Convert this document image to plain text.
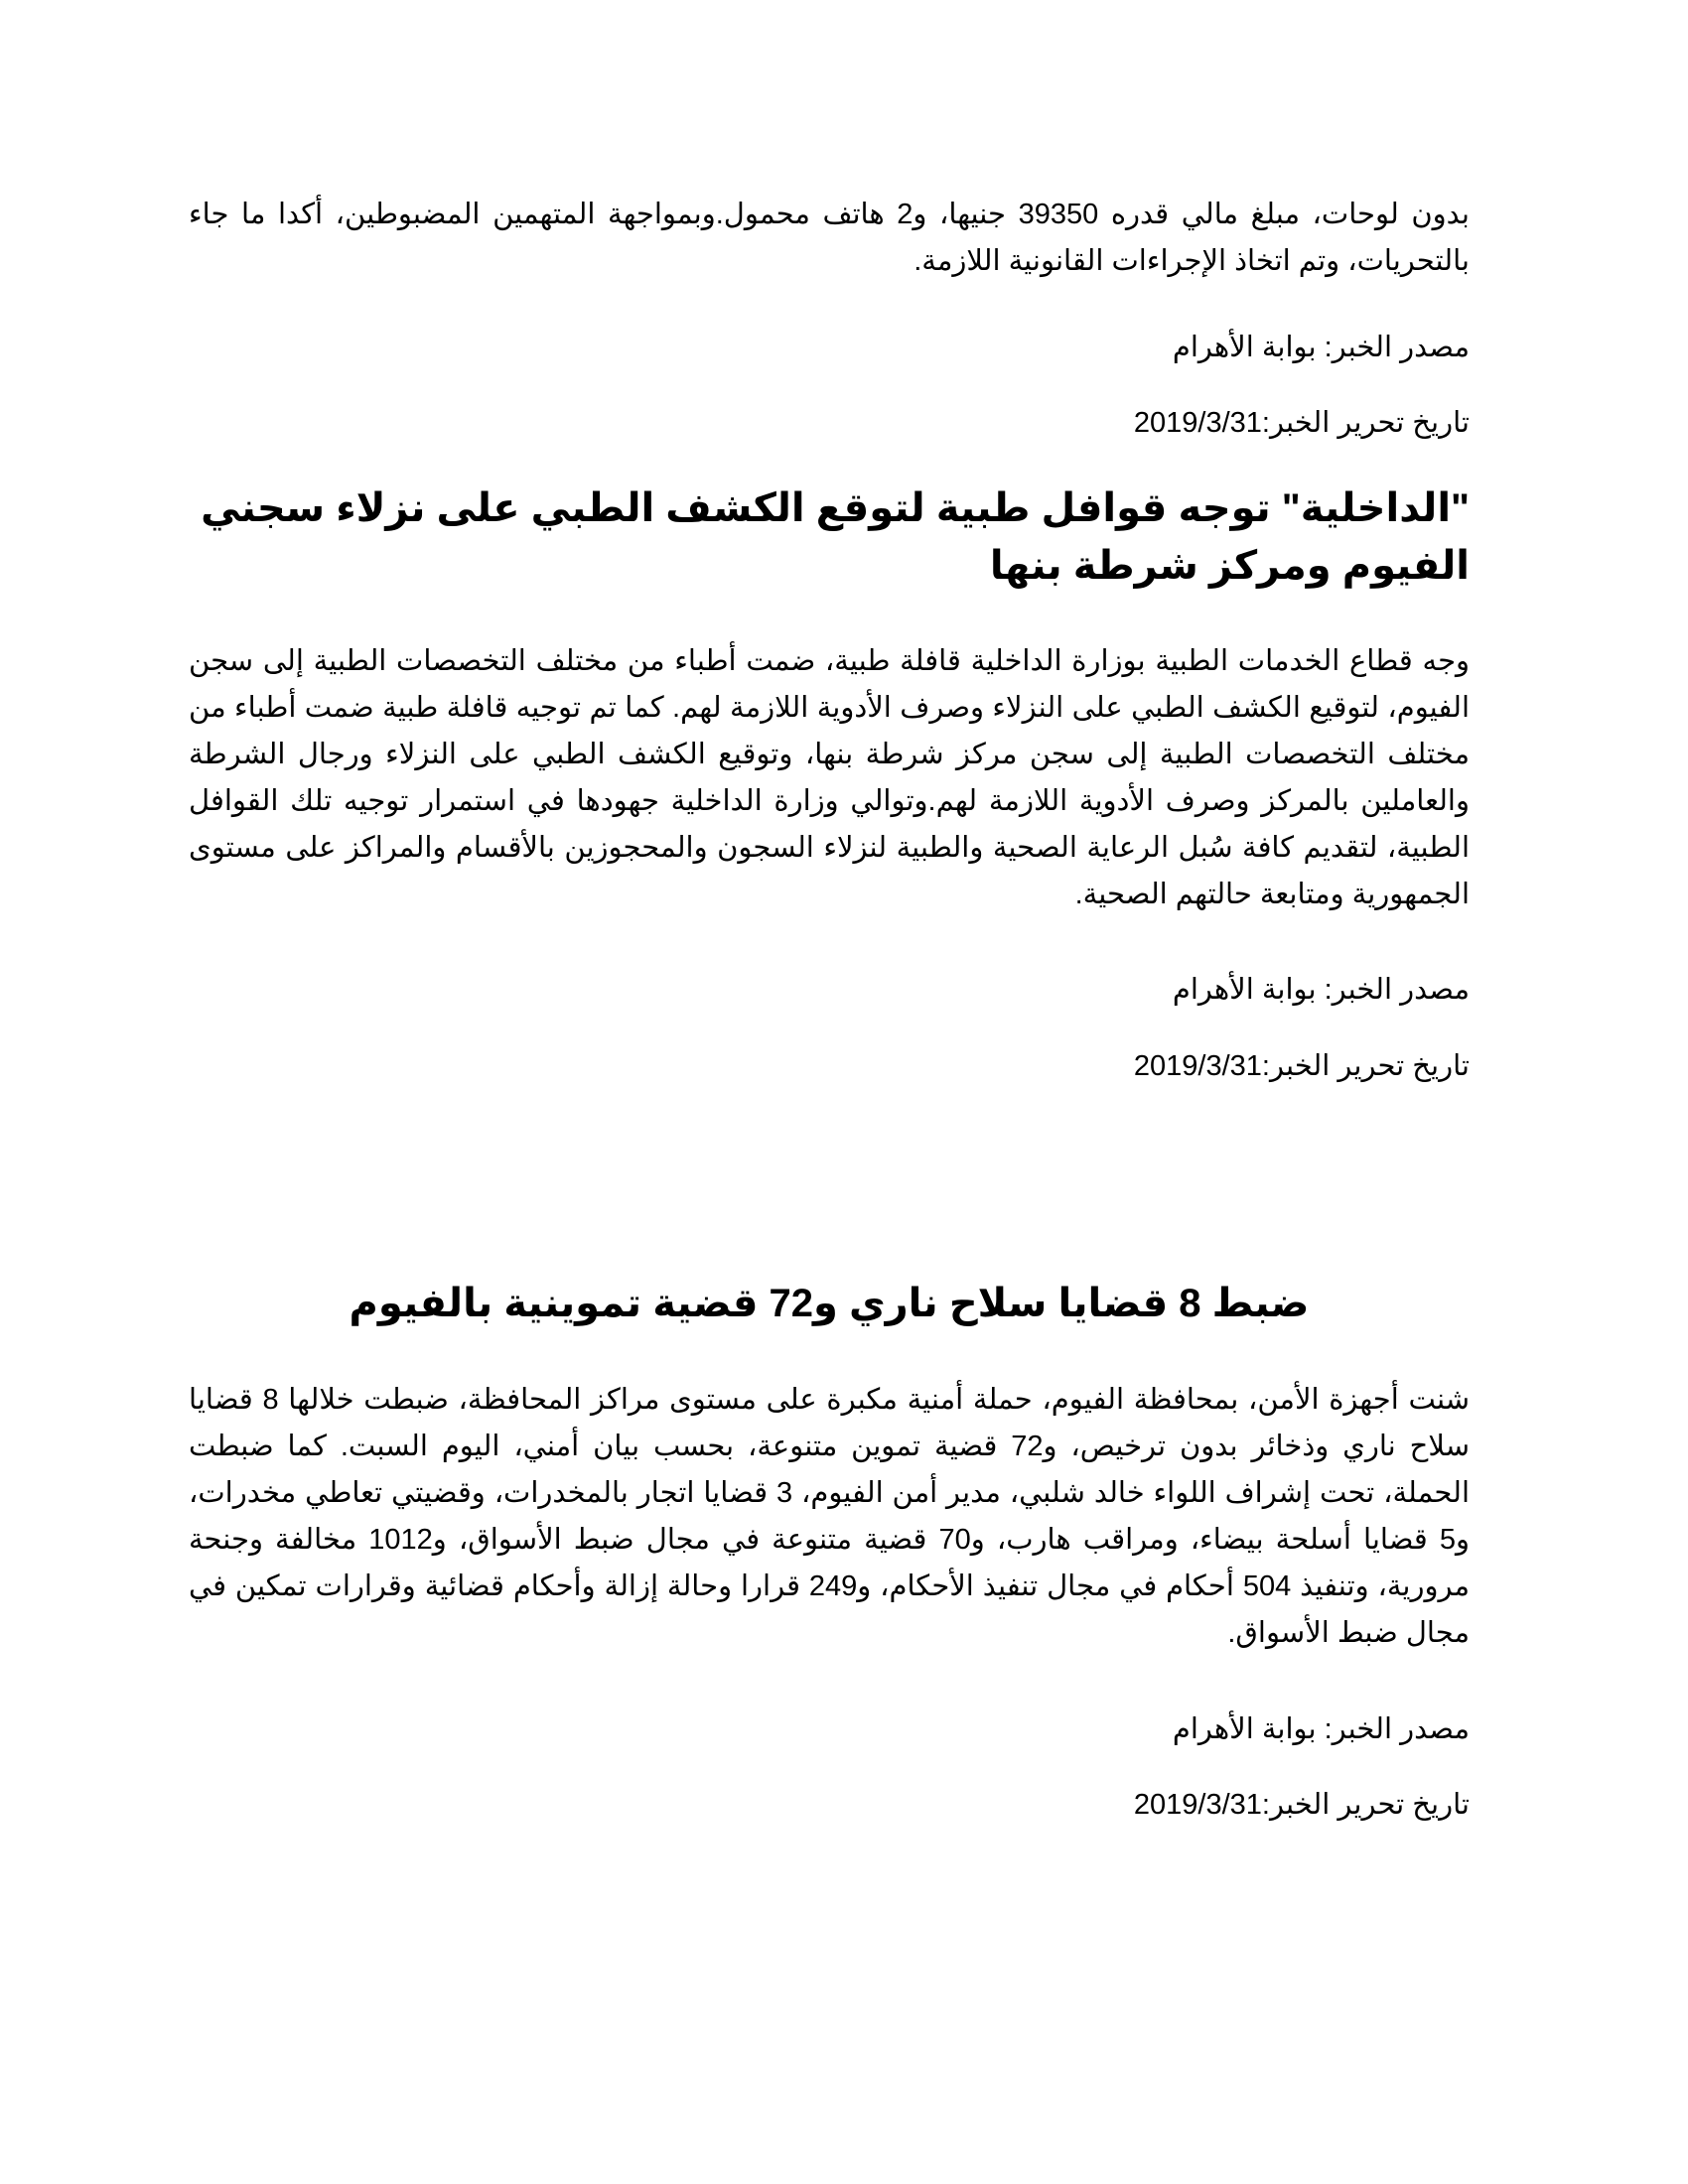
بدون لوحات، مبلغ مالي قدره 39350 جنيها، و2 هاتف محمول.وبمواجهة المتهمين المضبوطين، أكدا ما جاء بالتحريات، وتم اتخاذ الإجراءات القانونية اللازمة.

مصدر الخبر: بوابة الأهرام

تاريخ تحرير الخبر:2019/3/31

"الداخلية" توجه قوافل طبية لتوقع الكشف الطبي على نزلاء سجني الفيوم ومركز شرطة بنها

وجه قطاع الخدمات الطبية بوزارة الداخلية قافلة طبية، ضمت أطباء من مختلف التخصصات الطبية إلى سجن الفيوم، لتوقيع الكشف الطبي على النزلاء وصرف الأدوية اللازمة لهم. كما تم توجيه قافلة طبية ضمت أطباء من مختلف التخصصات الطبية إلى سجن مركز شرطة بنها، وتوقيع الكشف الطبي على النزلاء ورجال الشرطة والعاملين بالمركز وصرف الأدوية اللازمة لهم.وتوالي وزارة الداخلية جهودها في استمرار توجيه تلك القوافل الطبية، لتقديم كافة سُبل الرعاية الصحية والطبية لنزلاء السجون والمحجوزين بالأقسام والمراكز على مستوى الجمهورية ومتابعة حالتهم الصحية.

مصدر الخبر: بوابة الأهرام

تاريخ تحرير الخبر:2019/3/31

ضبط 8 قضايا سلاح ناري و72 قضية تموينية بالفيوم

شنت أجهزة الأمن، بمحافظة الفيوم، حملة أمنية مكبرة على مستوى مراكز المحافظة، ضبطت خلالها 8 قضايا سلاح ناري وذخائر بدون ترخيص، و72 قضية تموين متنوعة، بحسب بيان أمني، اليوم السبت. كما ضبطت الحملة، تحت إشراف اللواء خالد شلبي، مدير أمن الفيوم، 3 قضايا اتجار بالمخدرات، وقضيتي تعاطي مخدرات، و5 قضايا أسلحة بيضاء، ومراقب هارب، و70 قضية متنوعة في مجال ضبط الأسواق، و1012 مخالفة وجنحة مرورية، وتنفيذ 504 أحكام في مجال تنفيذ الأحكام، و249 قرارا وحالة إزالة وأحكام قضائية وقرارات تمكين في مجال ضبط الأسواق.

مصدر الخبر: بوابة الأهرام

تاريخ تحرير الخبر:2019/3/31
